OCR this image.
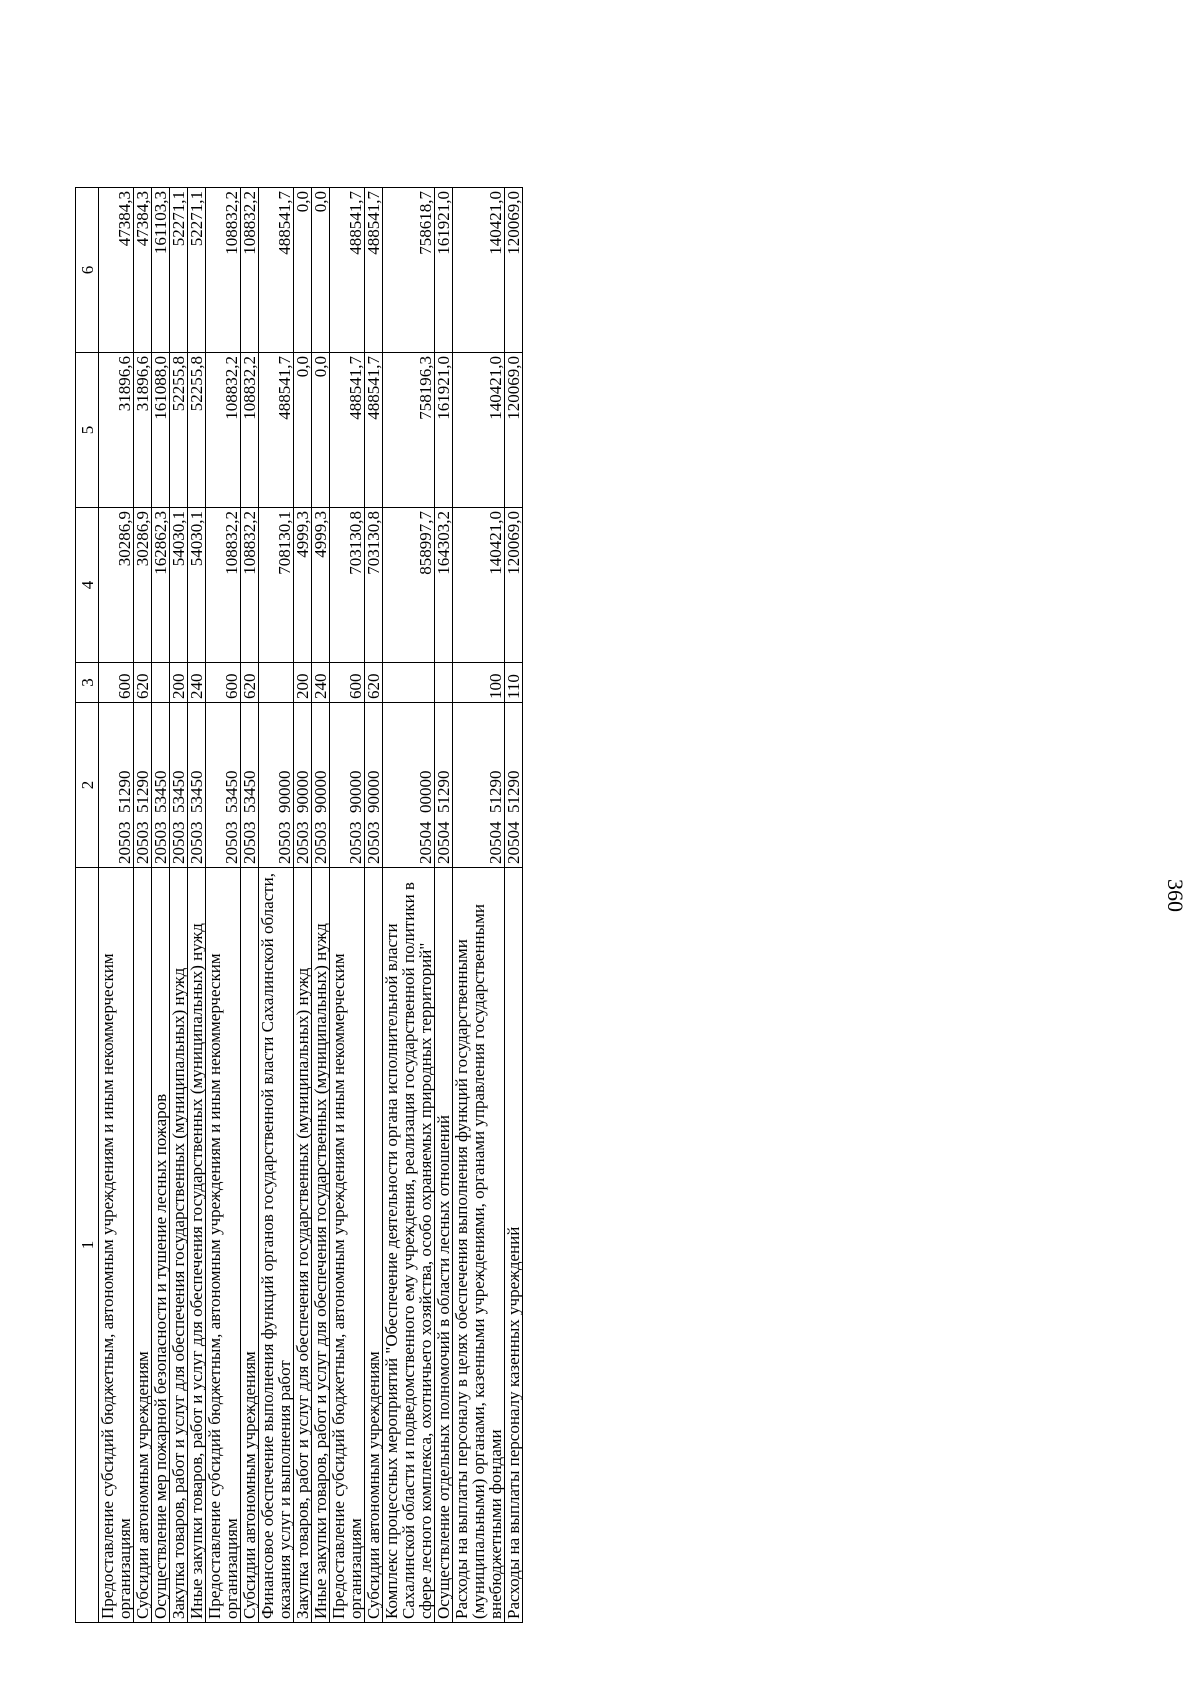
360
1	2	3	4	5	6
Предоставление субсидий бюджетным, автономным учреждениям и иным некоммерческим организациям	20503  51290	600	30286,9	31896,6	47384,3
Субсидии автономным учреждениям	20503  51290	620	30286,9	31896,6	47384,3
Осуществление мер пожарной безопасности и тушение лесных пожаров	20503  53450		162862,3	161088,0	161103,3
Закупка товаров, работ и услуг для обеспечения государственных (муниципальных) нужд	20503  53450	200	54030,1	52255,8	52271,1
Иные закупки товаров, работ и услуг для обеспечения государственных (муниципальных) нужд	20503  53450	240	54030,1	52255,8	52271,1
Предоставление субсидий бюджетным, автономным учреждениям и иным некоммерческим организациям	20503  53450	600	108832,2	108832,2	108832,2
Субсидии автономным учреждениям	20503  53450	620	108832,2	108832,2	108832,2
Финансовое обеспечение выполнения функций органов государственной власти Сахалинской области, оказания услуг и выполнения работ	20503  90000		708130,1	488541,7	488541,7
Закупка товаров, работ и услуг для обеспечения государственных (муниципальных) нужд	20503  90000	200	4999,3	0,0	0,0
Иные закупки товаров, работ и услуг для обеспечения государственных (муниципальных) нужд	20503  90000	240	4999,3	0,0	0,0
Предоставление субсидий бюджетным, автономным учреждениям и иным некоммерческим организациям	20503  90000	600	703130,8	488541,7	488541,7
Субсидии автономным учреждениям	20503  90000	620	703130,8	488541,7	488541,7
Комплекс процессных мероприятий "Обеспечение деятельности органа исполнительной власти Сахалинской области и подведомственного ему учреждения, реализация государственной политики в сфере лесного комплекса, охотничьего хозяйства, особо охраняемых природных территорий"	20504  00000		858997,7	758196,3	758618,7
Осуществление отдельных полномочий в области лесных отношений	20504  51290		164303,2	161921,0	161921,0
Расходы на выплаты персоналу в целях обеспечения выполнения функций государственными (муниципальными) органами, казенными учреждениями, органами управления государственными внебюджетными фондами	20504  51290	100	140421,0	140421,0	140421,0
Расходы на выплаты персоналу казенных учреждений	20504  51290	110	120069,0	120069,0	120069,0
